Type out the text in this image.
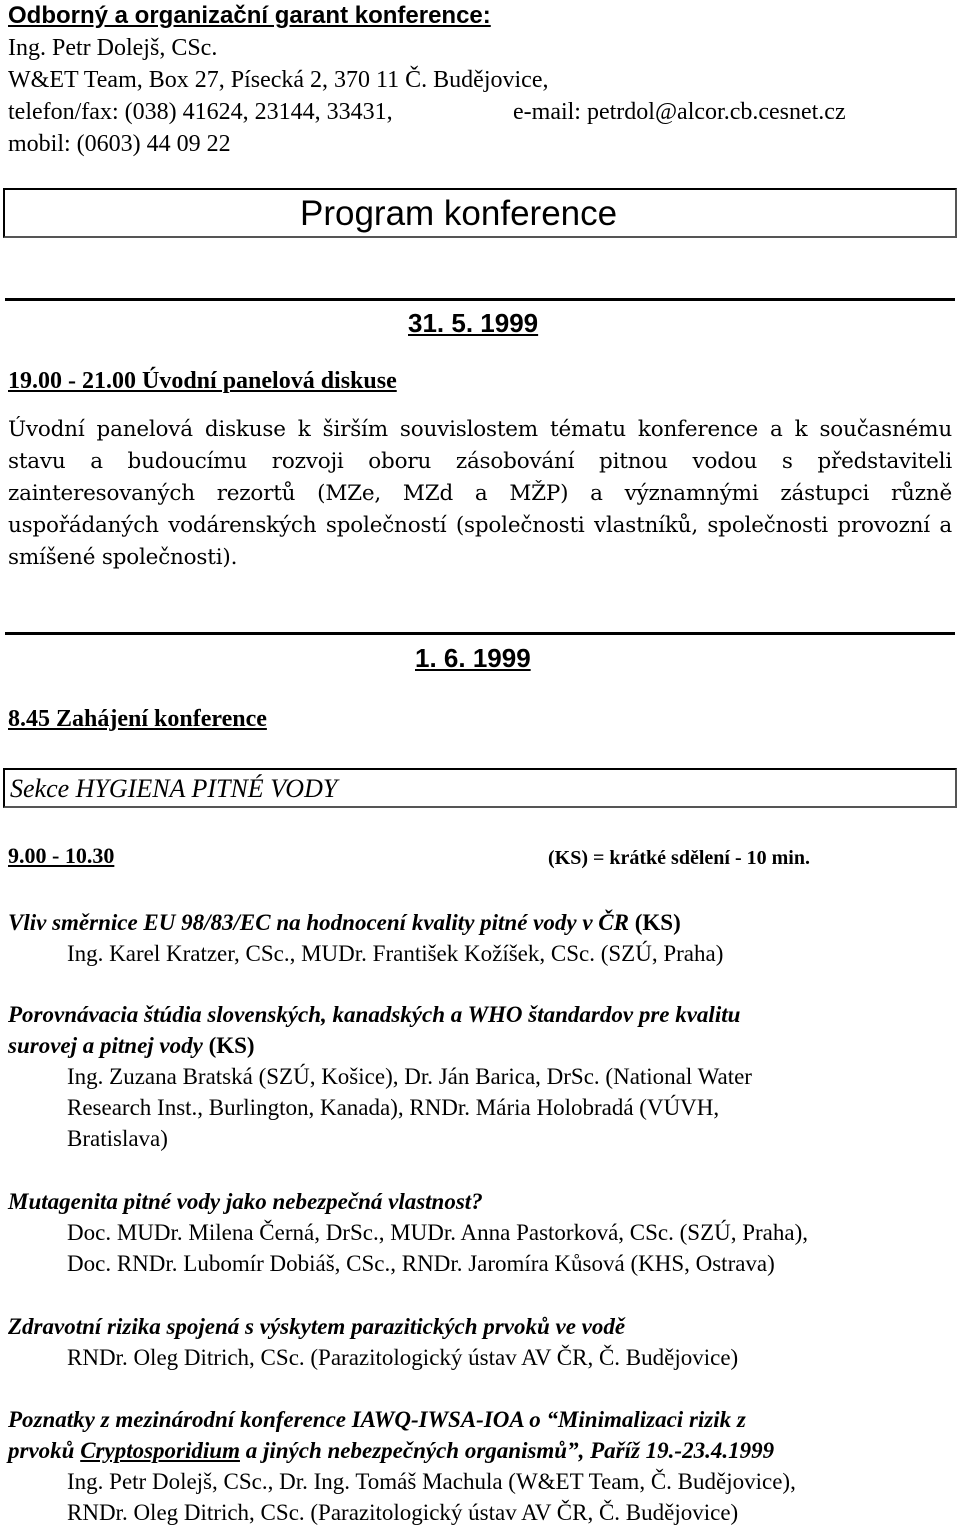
Odborný a organizační garant konference:
Ing. Petr Dolejš, CSc.
W&ET Team, Box 27, Písecká 2, 370 11 Č. Budějovice,
telefon/fax: (038) 41624, 23144, 33431,	e-mail: petrdol@alcor.cb.cesnet.cz
mobil: (0603) 44 09 22
Program konference
31. 5. 1999
19.00 - 21.00 Úvodní panelová diskuse
Úvodní panelová diskuse k širším souvislostem tématu konference a k současnému stavu a budoucímu rozvoji oboru zásobování pitnou vodou s představiteli zainteresovaných rezortů (MZe, MZd a MŽP) a významnými zástupci různě uspořádaných vodárenských společností (společnosti vlastníků, společnosti provozní a smíšené společnosti).
1. 6. 1999
8.45 Zahájení konference
Sekce HYGIENA PITNÉ VODY
9.00 - 10.30	(KS) = krátké sdělení - 10 min.
Vliv směrnice EU 98/83/EC na hodnocení kvality pitné vody v ČR (KS)
Ing. Karel Kratzer, CSc., MUDr. František Kožíšek, CSc. (SZÚ, Praha)
Porovnávacia štúdia slovenských, kanadských a WHO štandardov pre kvalitu
surovej a pitnej vody (KS)
Ing. Zuzana Bratská (SZÚ, Košice), Dr. Ján Barica, DrSc. (National Water
Research Inst., Burlington, Kanada), RNDr. Mária Holobradá (VÚVH,
Bratislava)
Mutagenita pitné vody jako nebezpečná vlastnost?
Doc. MUDr. Milena Černá, DrSc., MUDr. Anna Pastorková, CSc. (SZÚ, Praha),
Doc. RNDr. Lubomír Dobiáš, CSc., RNDr. Jaromíra Kůsová (KHS, Ostrava)
Zdravotní rizika spojená s výskytem parazitických prvoků ve vodě
RNDr. Oleg Ditrich, CSc. (Parazitologický ústav AV ČR, Č. Budějovice)
Poznatky z mezinárodní konference IAWQ-IWSA-IOA o “Minimalizaci rizik z
prvoků Cryptosporidium a jiných nebezpečných organismů”, Paříž 19.-23.4.1999
Ing. Petr Dolejš, CSc., Dr. Ing. Tomáš Machula (W&ET Team, Č. Budějovice),
RNDr. Oleg Ditrich, CSc. (Parazitologický ústav AV ČR, Č. Budějovice)
